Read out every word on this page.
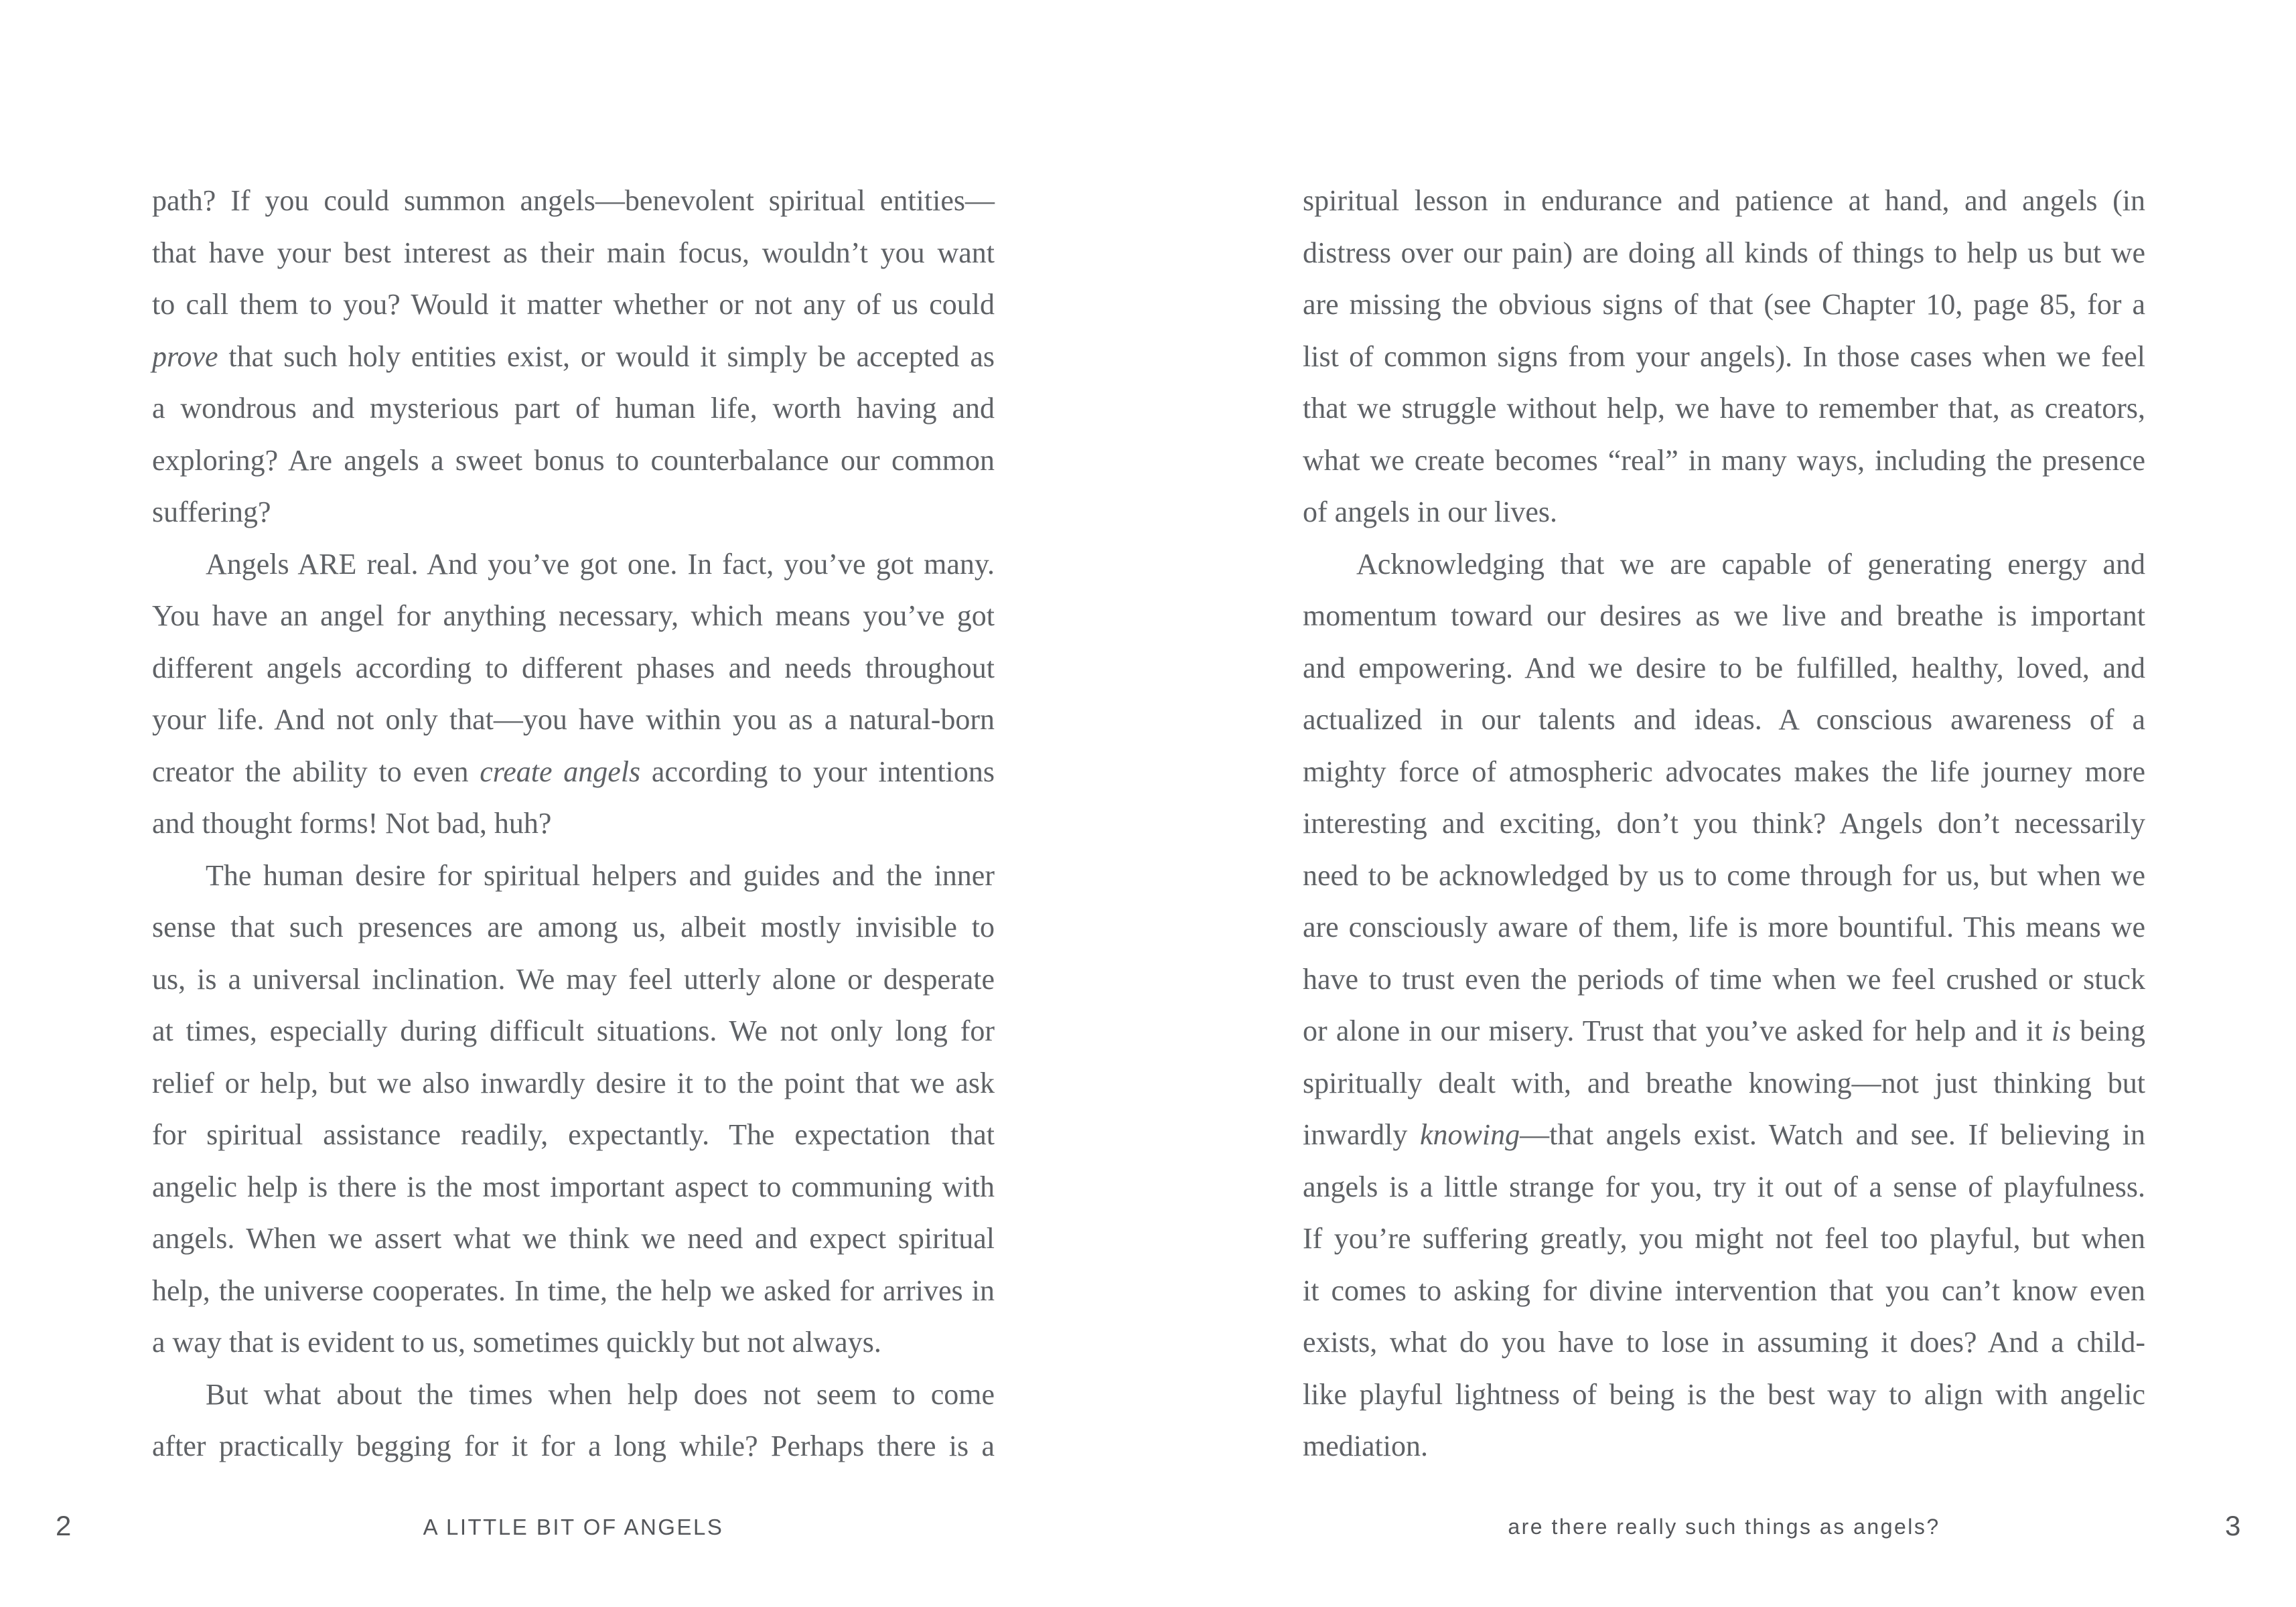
path? If you could summon angels—benevolent spiritual entities—
that have your best interest as their main focus, wouldn’t you want
to call them to you? Would it matter whether or not any of us could
prove that such holy entities exist, or would it simply be accepted as
a wondrous and mysterious part of human life, worth having and
exploring? Are angels a sweet bonus to counterbalance our common
suffering?
Angels ARE real. And you’ve got one. In fact, you’ve got many.
You have an angel for anything necessary, which means you’ve got
different angels according to different phases and needs throughout
your life. And not only that—you have within you as a natural-born
creator the ability to even create angels according to your intentions
and thought forms! Not bad, huh?
The human desire for spiritual helpers and guides and the inner
sense that such presences are among us, albeit mostly invisible to
us, is a universal inclination. We may feel utterly alone or desperate
at times, especially during difficult situations. We not only long for
relief or help, but we also inwardly desire it to the point that we ask
for spiritual assistance readily, expectantly. The expectation that
angelic help is there is the most important aspect to communing with
angels. When we assert what we think we need and expect spiritual
help, the universe cooperates. In time, the help we asked for arrives in
a way that is evident to us, sometimes quickly but not always.
But what about the times when help does not seem to come
after practically begging for it for a long while? Perhaps there is a
2	A LITTLE BIT OF ANGELS
spiritual lesson in endurance and patience at hand, and angels (in
distress over our pain) are doing all kinds of things to help us but we
are missing the obvious signs of that (see Chapter 10, page 85, for a
list of common signs from your angels). In those cases when we feel
that we struggle without help, we have to remember that, as creators,
what we create becomes “real” in many ways, including the presence
of angels in our lives.
Acknowledging that we are capable of generating energy and
momentum toward our desires as we live and breathe is important
and empowering. And we desire to be fulfilled, healthy, loved, and
actualized in our talents and ideas. A conscious awareness of a
mighty force of atmospheric advocates makes the life journey more
interesting and exciting, don’t you think? Angels don’t necessarily
need to be acknowledged by us to come through for us, but when we
are consciously aware of them, life is more bountiful. This means we
have to trust even the periods of time when we feel crushed or stuck
or alone in our misery. Trust that you’ve asked for help and it is being
spiritually dealt with, and breathe knowing—not just thinking but
inwardly knowing—that angels exist. Watch and see. If believing in
angels is a little strange for you, try it out of a sense of playfulness.
If you’re suffering greatly, you might not feel too playful, but when
it comes to asking for divine intervention that you can’t know even
exists, what do you have to lose in assuming it does? And a child-
like playful lightness of being is the best way to align with angelic
mediation.
are there really such things as angels?	3
